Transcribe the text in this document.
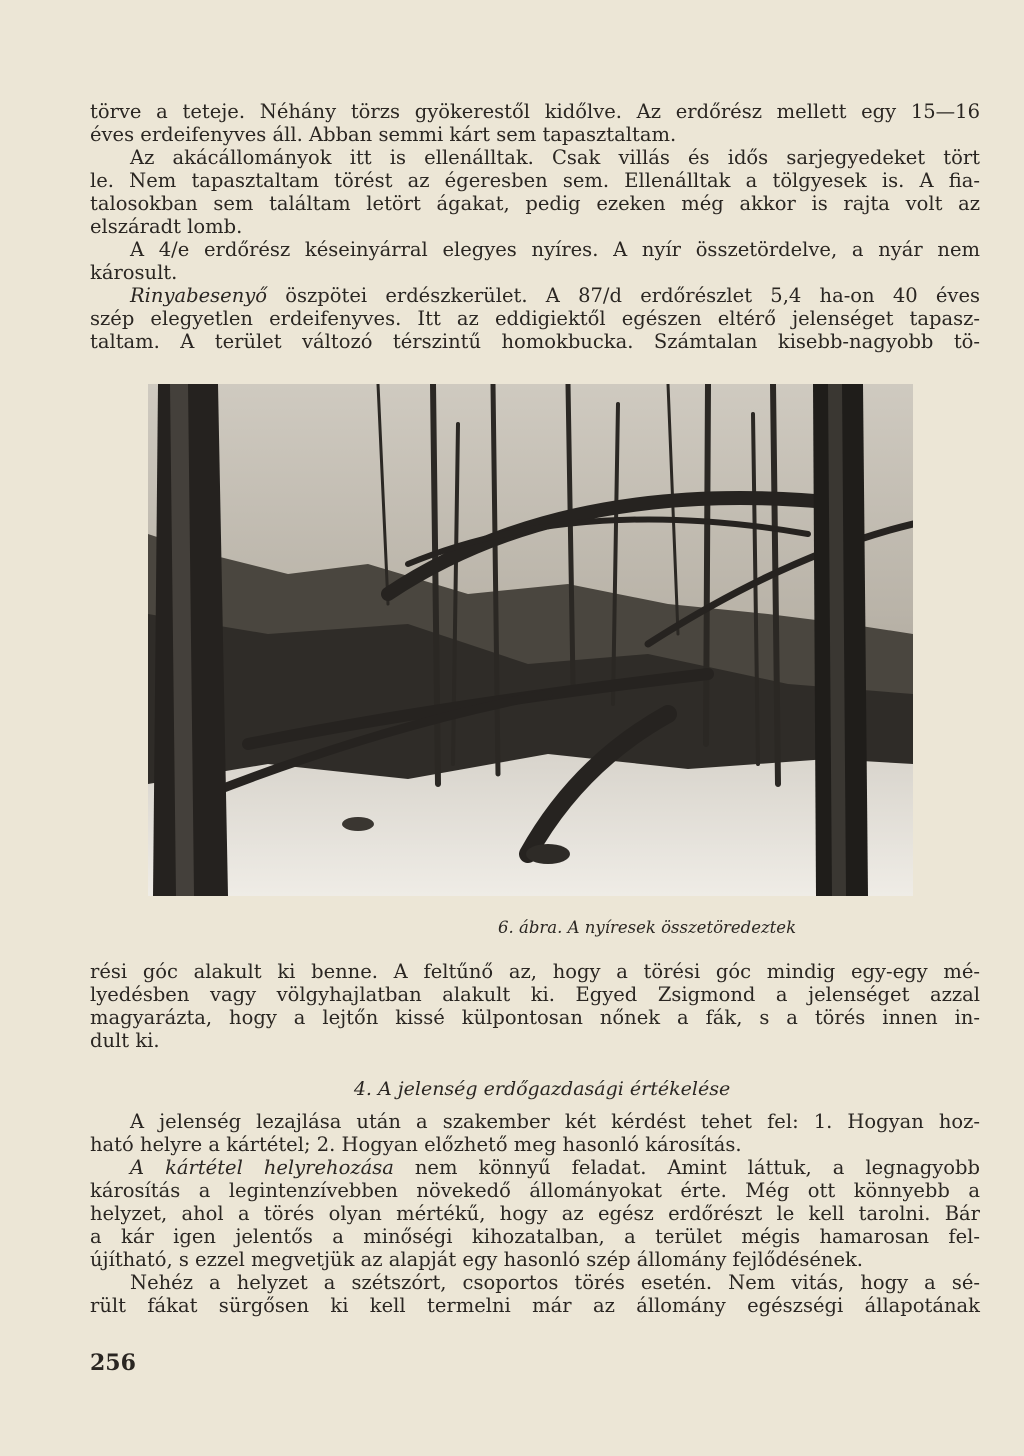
törve a teteje. Néhány törzs gyökerestől kidőlve. Az erdőrész mellett egy 15—16
éves erdeifenyves áll. Abban semmi kárt sem tapasztaltam.
Az akácállományok itt is ellenálltak. Csak villás és idős sarjegyedeket tört
le. Nem tapasztaltam törést az égeresben sem. Ellenálltak a tölgyesek is. A fia-
talosokban sem találtam letört ágakat, pedig ezeken még akkor is rajta volt az
elszáradt lomb.
A 4/e erdőrész késeinyárral elegyes nyíres. A nyír összetördelve, a nyár nem
károsult.
Rinyabesenyő öszpötei erdészkerület. A 87/d erdőrészlet 5,4 ha-on 40 éves
szép elegyetlen erdeifenyves. Itt az eddigiektől egészen eltérő jelenséget tapasz-
taltam. A terület változó térszintű homokbucka. Számtalan kisebb-nagyobb tö-
6. ábra. A nyíresek összetöredeztek
rési góc alakult ki benne. A feltűnő az, hogy a törési góc mindig egy-egy mé-
lyedésben vagy völgyhajlatban alakult ki. Egyed Zsigmond a jelenséget azzal
magyarázta, hogy a lejtőn kissé külpontosan nőnek a fák, s a törés innen in-
dult ki.
4. A jelenség erdőgazdasági értékelése
A jelenség lezajlása után a szakember két kérdést tehet fel: 1. Hogyan hoz-
ható helyre a kártétel; 2. Hogyan előzhető meg hasonló károsítás.
A kártétel helyrehozása nem könnyű feladat. Amint láttuk, a legnagyobb
károsítás a legintenzívebben növekedő állományokat érte. Még ott könnyebb a
helyzet, ahol a törés olyan mértékű, hogy az egész erdőrészt le kell tarolni. Bár
a kár igen jelentős a minőségi kihozatalban, a terület mégis hamarosan fel-
újítható, s ezzel megvetjük az alapját egy hasonló szép állomány fejlődésének.
Nehéz a helyzet a szétszórt, csoportos törés esetén. Nem vitás, hogy a sé-
rült fákat sürgősen ki kell termelni már az állomány egészségi állapotának
256
